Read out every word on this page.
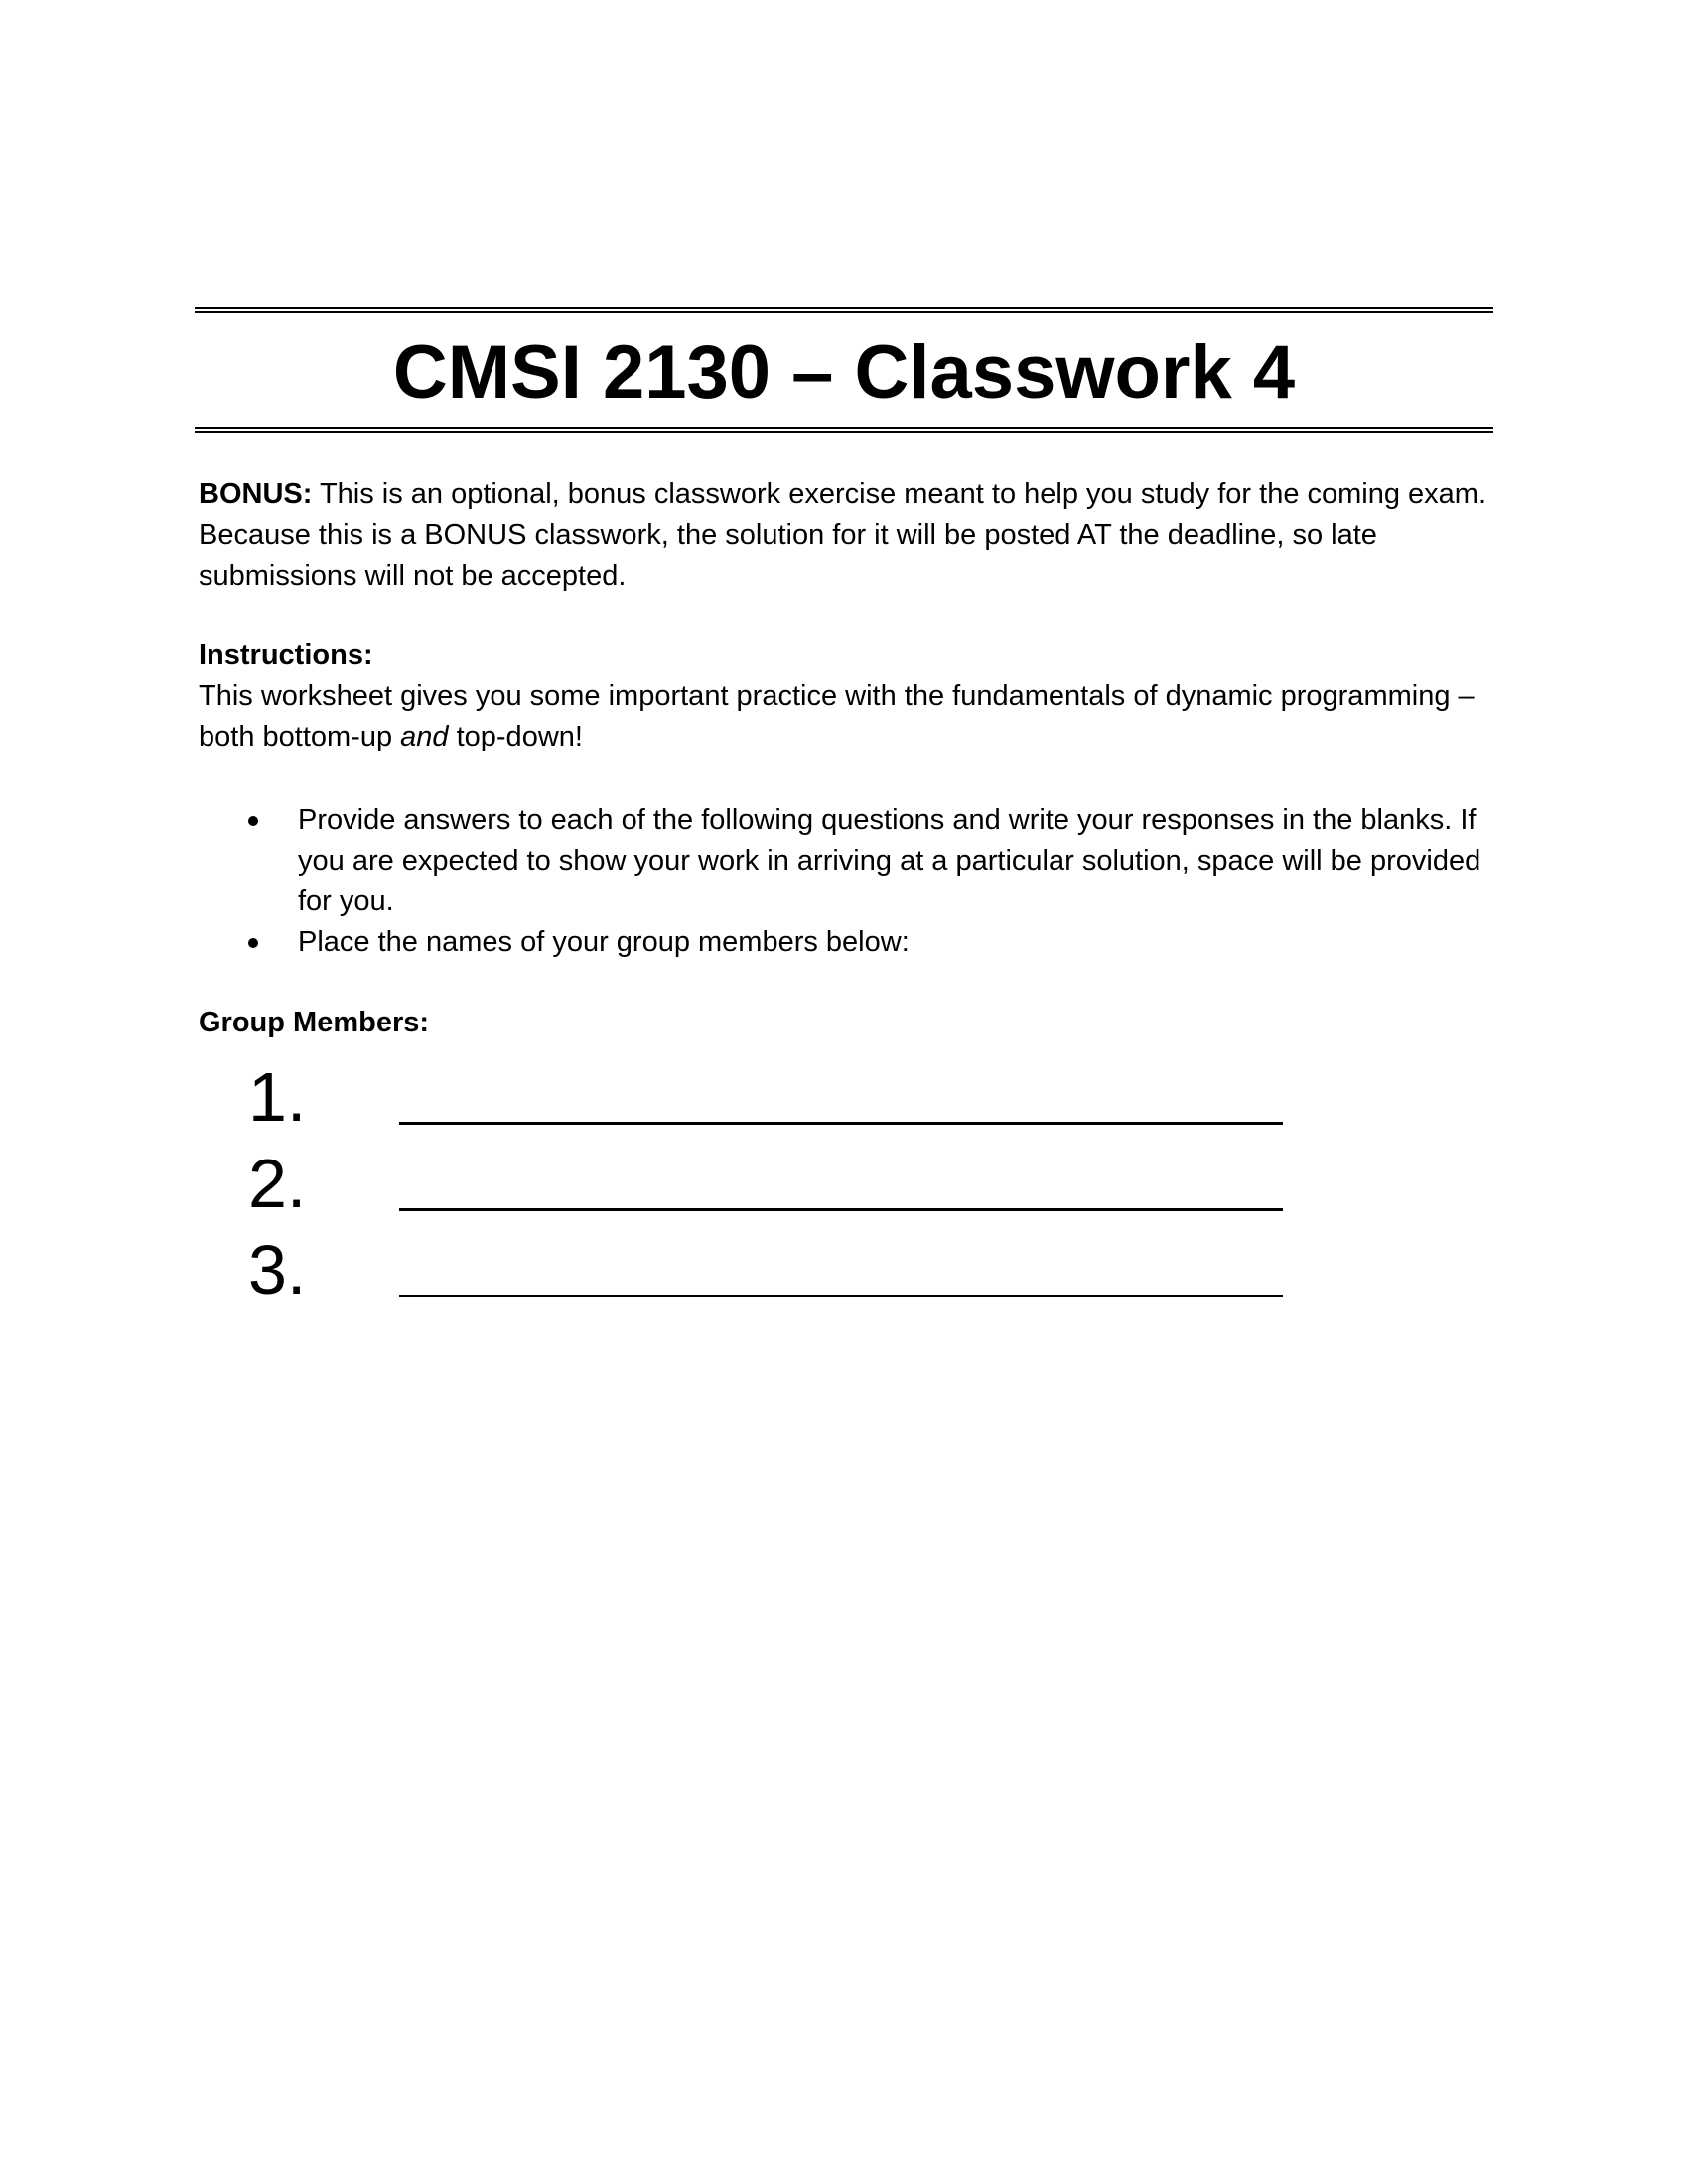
CMSI 2130 – Classwork 4
BONUS: This is an optional, bonus classwork exercise meant to help you study for the coming exam. Because this is a BONUS classwork, the solution for it will be posted AT the deadline, so late submissions will not be accepted.
Instructions:
This worksheet gives you some important practice with the fundamentals of dynamic programming – both bottom-up and top-down!
Provide answers to each of the following questions and write your responses in the blanks. If you are expected to show your work in arriving at a particular solution, space will be provided for you.
Place the names of your group members below:
Group Members:
1.
2.
3.
